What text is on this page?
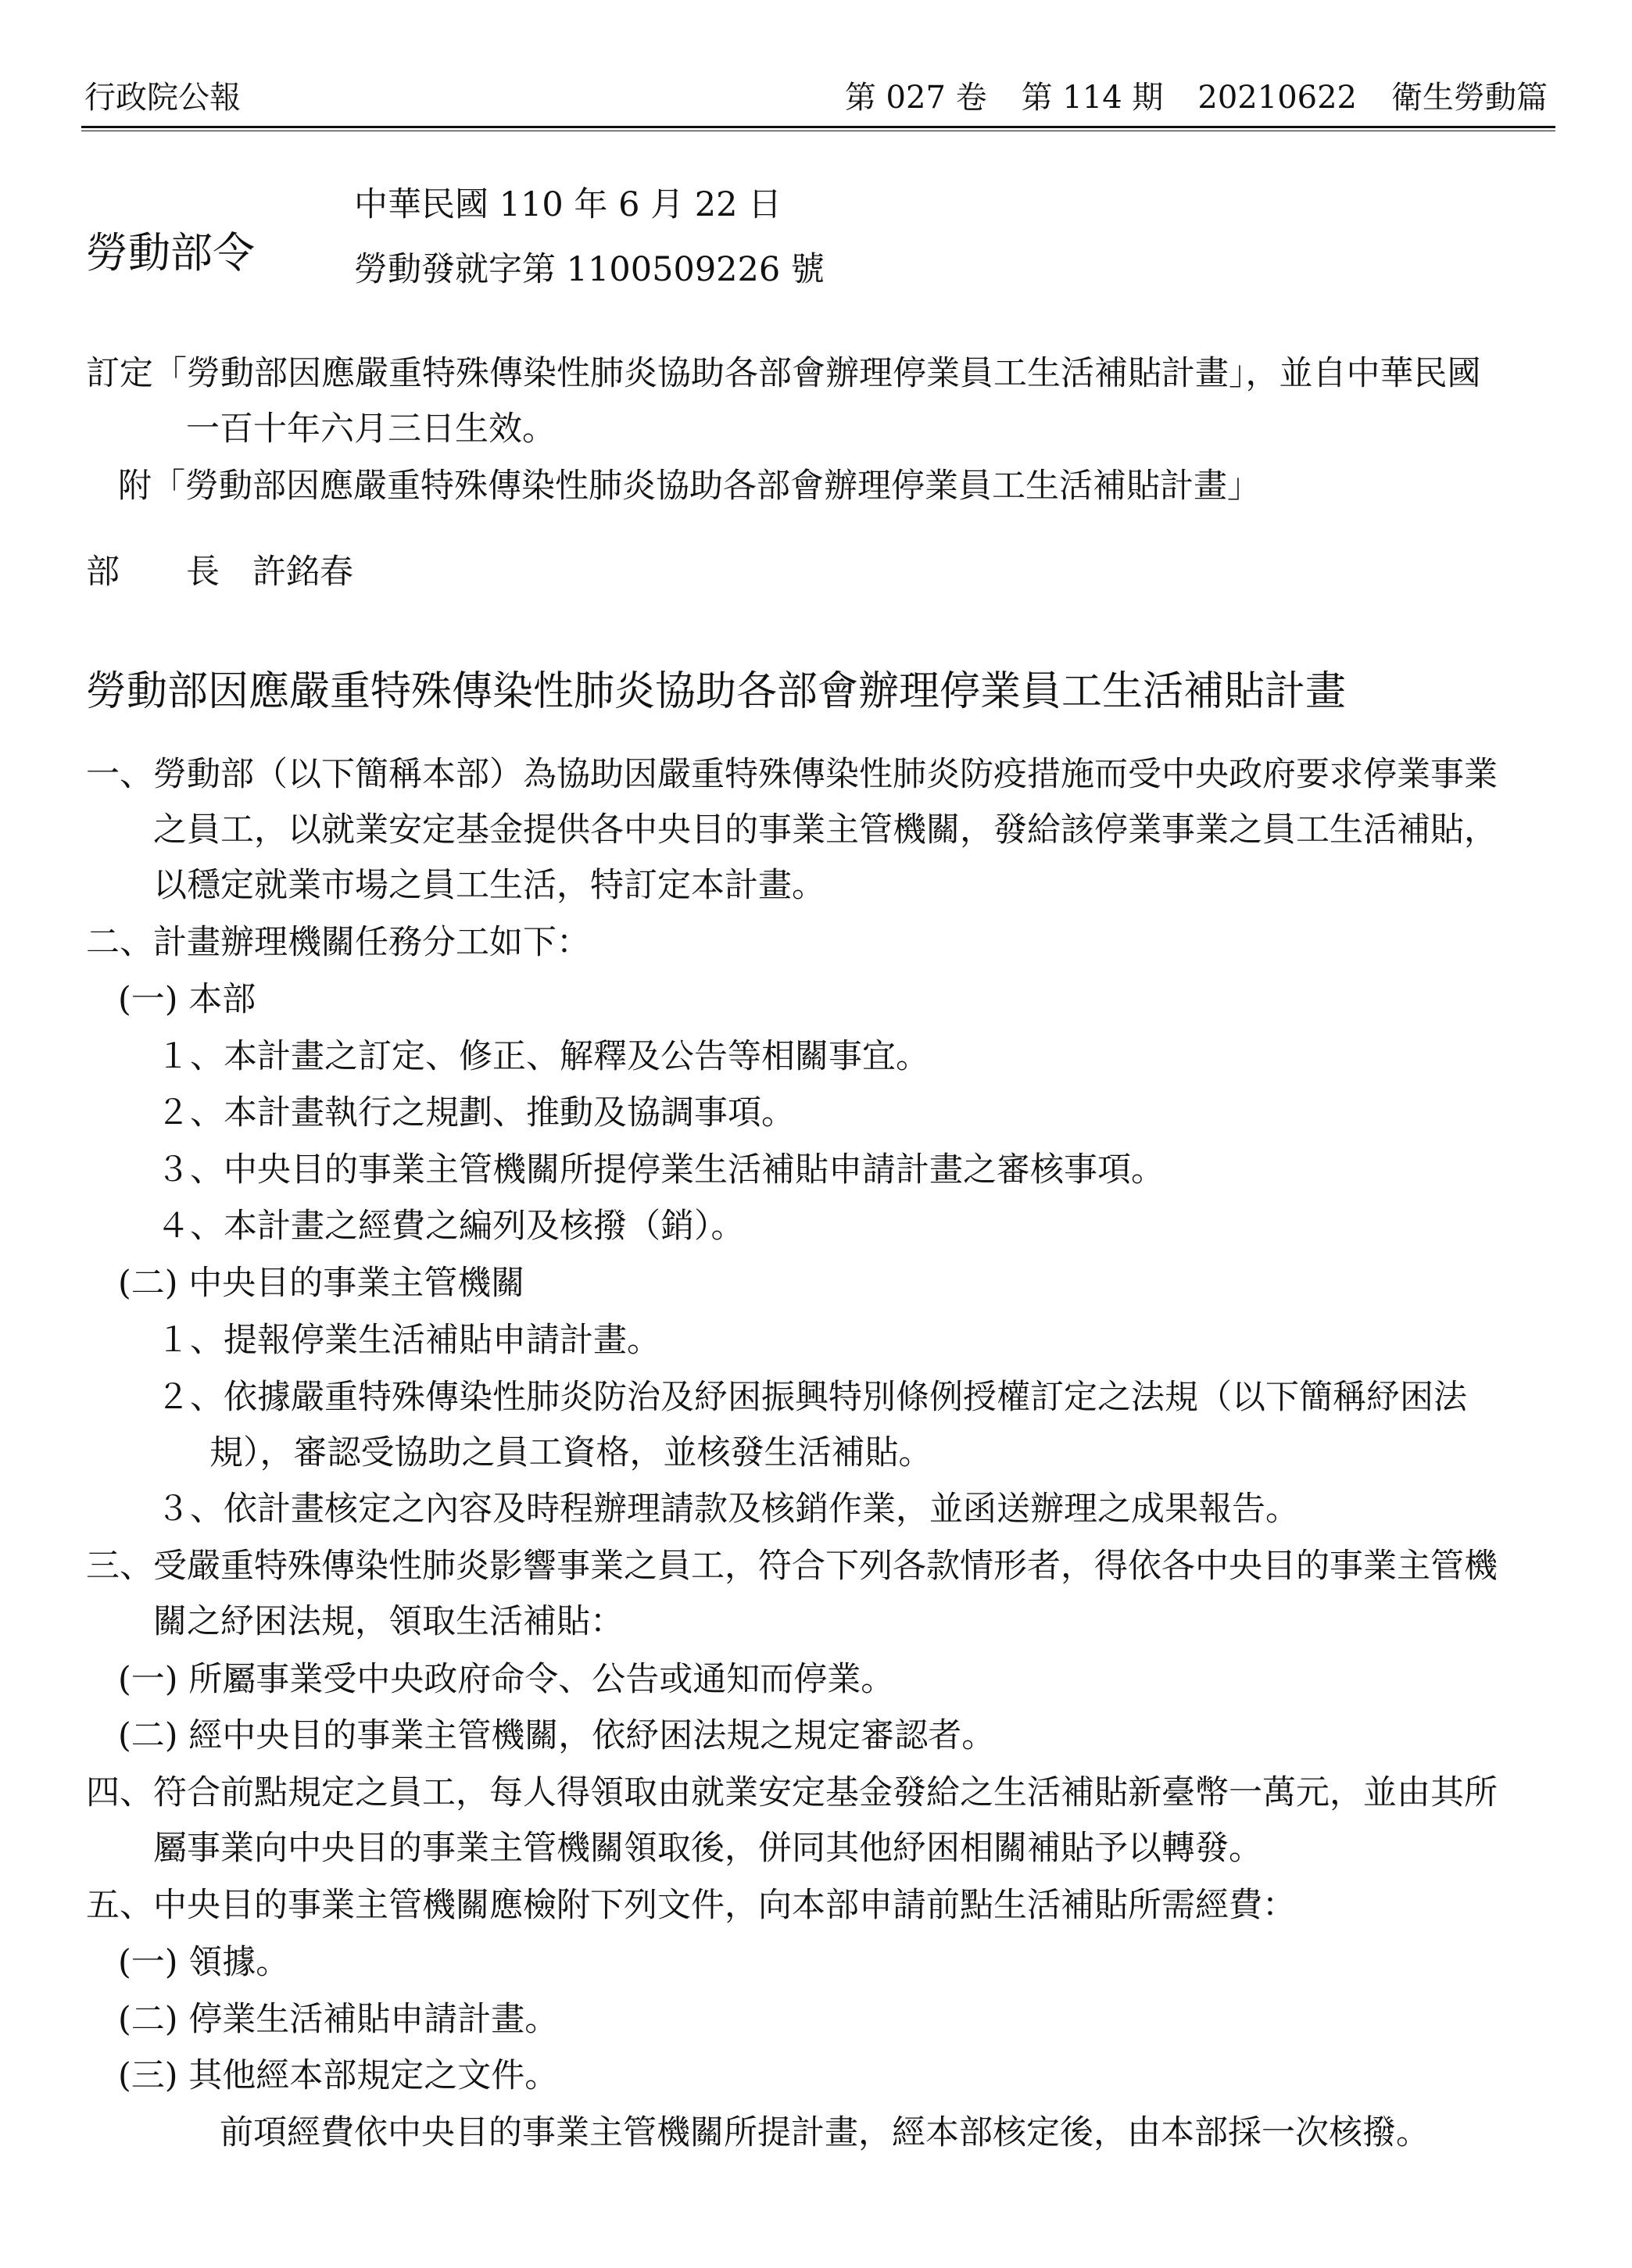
行政院公報	第 027 卷 第 114 期 20210622 衛生勞動篇
勞動部令
中華民國 110 年 6 月 22 日
勞動發就字第 1100509226 號
訂定「勞動部因應嚴重特殊傳染性肺炎協助各部會辦理停業員工生活補貼計畫」，並自中華民國
一百十年六月三日生效。
附「勞動部因應嚴重特殊傳染性肺炎協助各部會辦理停業員工生活補貼計畫」
部 長 許銘春
勞動部因應嚴重特殊傳染性肺炎協助各部會辦理停業員工生活補貼計畫
一、勞動部（以下簡稱本部）為協助因嚴重特殊傳染性肺炎防疫措施而受中央政府要求停業事業
之員工，以就業安定基金提供各中央目的事業主管機關，發給該停業事業之員工生活補貼，
以穩定就業市場之員工生活，特訂定本計畫。
二、計畫辦理機關任務分工如下：
(一) 本部
１、本計畫之訂定、修正、解釋及公告等相關事宜。
２、本計畫執行之規劃、推動及協調事項。
３、中央目的事業主管機關所提停業生活補貼申請計畫之審核事項。
４、本計畫之經費之編列及核撥（銷）。
(二) 中央目的事業主管機關
１、提報停業生活補貼申請計畫。
２、依據嚴重特殊傳染性肺炎防治及紓困振興特別條例授權訂定之法規（以下簡稱紓困法
規），審認受協助之員工資格，並核發生活補貼。
３、依計畫核定之內容及時程辦理請款及核銷作業，並函送辦理之成果報告。
三、受嚴重特殊傳染性肺炎影響事業之員工，符合下列各款情形者，得依各中央目的事業主管機
關之紓困法規，領取生活補貼：
(一) 所屬事業受中央政府命令、公告或通知而停業。
(二) 經中央目的事業主管機關，依紓困法規之規定審認者。
四、符合前點規定之員工，每人得領取由就業安定基金發給之生活補貼新臺幣一萬元，並由其所
屬事業向中央目的事業主管機關領取後，併同其他紓困相關補貼予以轉發。
五、中央目的事業主管機關應檢附下列文件，向本部申請前點生活補貼所需經費：
(一) 領據。
(二) 停業生活補貼申請計畫。
(三) 其他經本部規定之文件。
前項經費依中央目的事業主管機關所提計畫，經本部核定後，由本部採一次核撥。
